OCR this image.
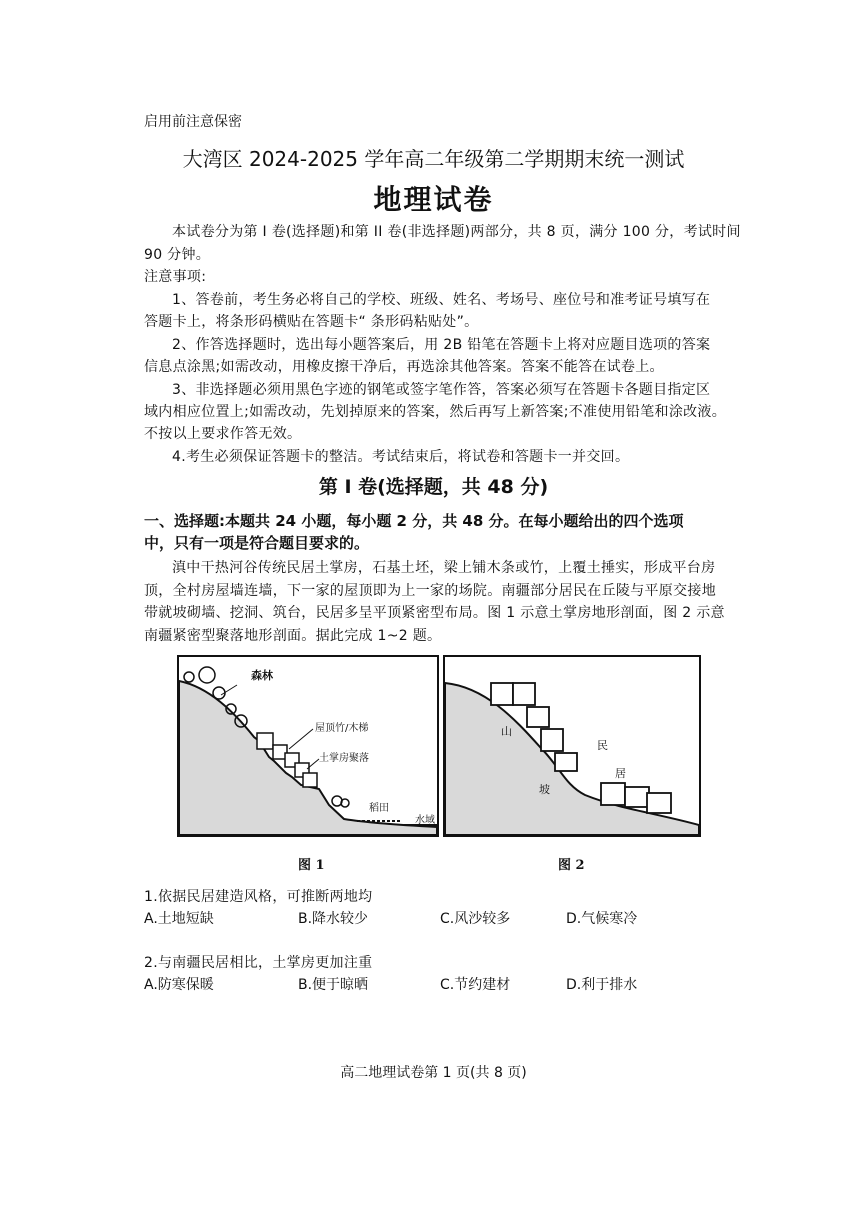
启用前注意保密
大湾区 2024-2025 学年高二年级第二学期期末统一测试
地理试卷
本试卷分为第 I 卷(选择题)和第 II 卷(非选择题)两部分，共 8 页，满分 100 分，考试时间
90 分钟。
注意事项:
1、答卷前，考生务必将自己的学校、班级、姓名、考场号、座位号和准考证号填写在
答题卡上，将条形码横贴在答题卡“ 条形码粘贴处”。
2、作答选择题时，选出每小题答案后，用 2B 铅笔在答题卡上将对应题目选项的答案
信息点涂黑;如需改动，用橡皮擦干净后，再选涂其他答案。答案不能答在试卷上。
3、非选择题必须用黑色字迹的钢笔或签字笔作答，答案必须写在答题卡各题目指定区
域内相应位置上;如需改动，先划掉原来的答案，然后再写上新答案;不准使用铅笔和涂改液。
不按以上要求作答无效。
4.考生必须保证答题卡的整洁。考试结束后，将试卷和答题卡一并交回。
第 I 卷(选择题，共 48 分)
一、选择题:本题共 24 小题，每小题 2 分，共 48 分。在每小题给出的四个选项
中，只有一项是符合题目要求的。
滇中干热河谷传统民居土掌房，石基土坯，梁上铺木条或竹，上覆土捶实，形成平台房
顶，全村房屋墙连墙，下一家的屋顶即为上一家的场院。南疆部分居民在丘陵与平原交接地
带就坡砌墙、挖洞、筑台，民居多呈平顶紧密型布局。图 1 示意土掌房地形剖面，图 2 示意
南疆紧密型聚落地形剖面。据此完成 1~2 题。
森林
屋顶竹/木梯
土掌房聚落
稻田
水域
山
坡
民
居
图 1	图 2
1.依据民居建造风格，可推断两地均
A.土地短缺	B.降水较少	C.风沙较多	D.气候寒冷
2.与南疆民居相比，土掌房更加注重
A.防寒保暖	B.便于晾晒	C.节约建材	D.利于排水
高二地理试卷第 1 页(共 8 页)
